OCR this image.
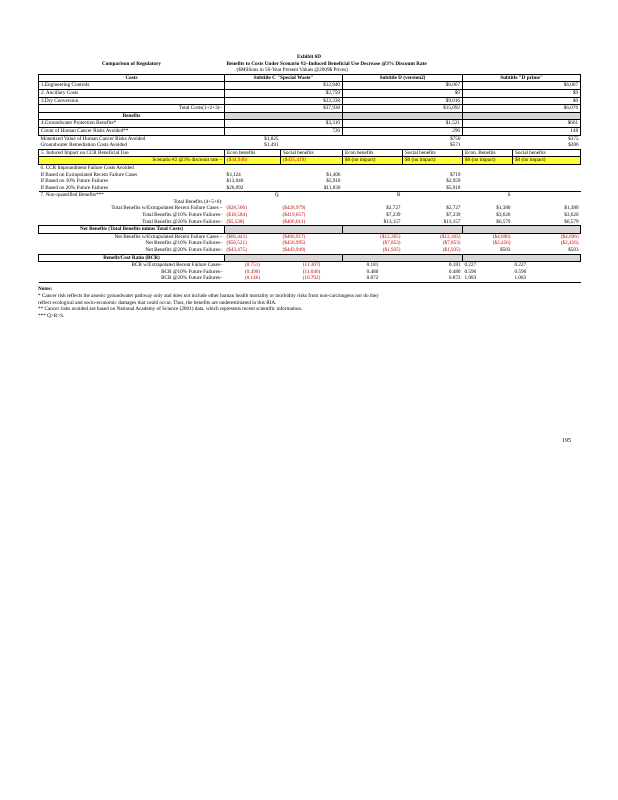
Exhibit 6D
Comparison of Regulatory	Benefits to Costs Under Scenario #2–Induced Beneficial Use Decrease @3% Discount Rate					
	($Millions in 50-Year Present Values @2009$ Prices)					
Costs	Subtitle C "Special Waste"		Subtitle D (version2)		Subtitle "D prime"	
1.Engineering Controls	$12,840		$6,067		$6,067	
2. Ancillary Costs	$2,759		$9		$9	
3.Dry Conversion	$22,338		$9,016		$0	
Total Costs(1+2+3)–	$37,938		$15,092		$6,076	
Benefits						
4.Groundwater Protection Benefits*	$3,316		$1,521		$661	
Count of Human Cancer Risks Avoided**	726		296		148	
Monetized Value of Human Cancer Risks Avoided	$1,825		$750		$375	
Groundwater Remediation Costs Avoided	$1,491		$571		$286	
5. Induced Impact on CCR Beneficial Use	Econ benefits	Social benefits	Econ benefits	Social benefits	Econ. Benefits	Social benefits
Scenario #2 @3% discount rate –	($34,946)	($435,419)	$0 (no impact)	$0 (no impact)	$0 (no impact)	$0 (no impact)
6. CCR Impoundment Failure Costs Avoided						
If Based on Extrapolated Recent Failure Cases	$3,124	$1,406	$719			
If Based on 10% Future Failures	$13,046	$5,918	$2,959			
If Based on 20% Future Failures	$26,092	$11,836	$5,918			
7. Non-quantified Benefits***	Q		R		S	
Total Benefits (4+5+6):						
Total Benefits w/Extrapolated Recent Failure Cases –	($28,506)	($428,979)	$2,727	$2,727	$1,380	$1,380
Total Benefits @10% Future Failures–	($18,584)	($419,057)	$7,239	$7,239	$3,620	$3,620
Total Benefits @20% Future Failures–	($5,538)	($406,011)	$13,157	$13,157	$6,579	$6,579
Net Benefits (Total Benefits minus Total Costs)						
Net Benefits w/Extrapolated Recent Failure Cases –	($66,443)	($466,917)	($12,365)	($12,365)	($4,696)	($4,696)
Net Benefits @10% Future Failures–	($56,521)	($456,995)	($7,853)	($7,853)	($2,456)	($2,456)
Net Benefits @20% Future Failures–	($43,475)	($443,949)	($1,935)	($1,935)	$503	$503
Benefit/Cost Ratio (BCR)						
BCR w/Extrapolated Recent Failure Cases–	(0.751)	(11.307)	0.181	0.181	0.227	0.227
BCR @10% Future Failures–	(0.490)	(11.046)	0.480	0.480	0.596	0.596
BCR @20% Future Failures–	(0.146)	(10.702)	0.872	0.872	1.083	1.083
Notes:
* Cancer risk reflects the arsenic groundwater pathway only and does not include other human health mortality or morbidity risks from non-carcinogens nor do they
reflect ecological and socio-economic damages that could occur. Thus, the benefits are underestimated in this RIA.
** Cancer risks avoided are based on National Academy of Science (2001) data, which represents recent scientific information.
*** Q>R>S.
195
